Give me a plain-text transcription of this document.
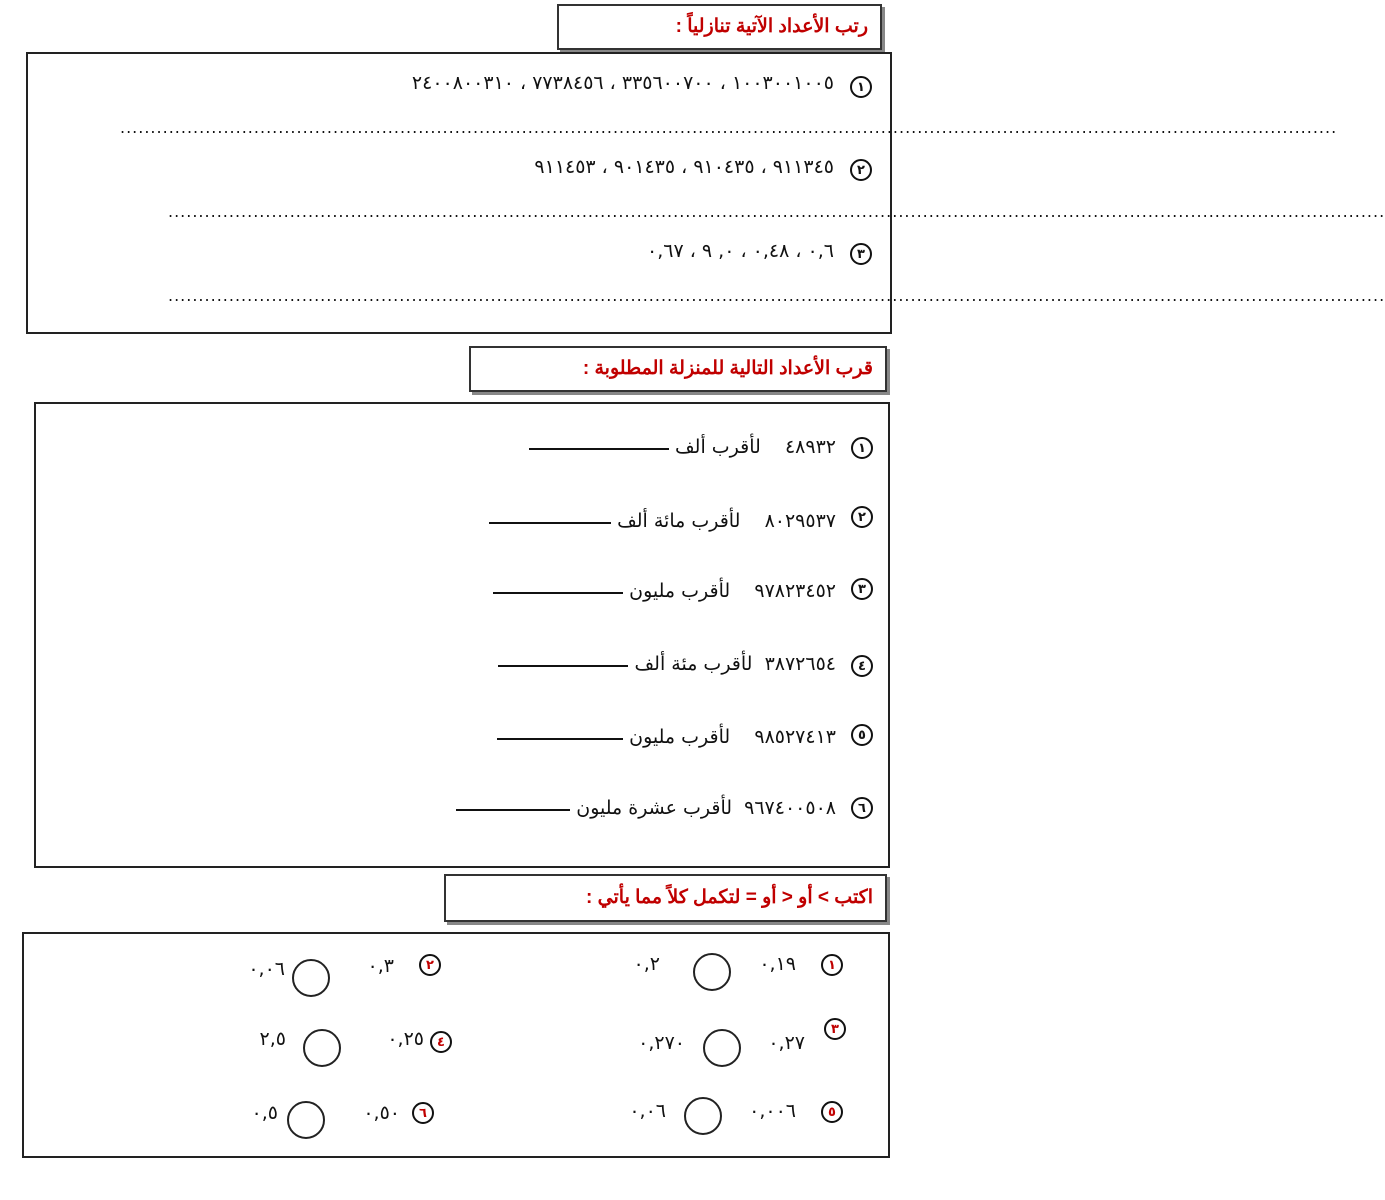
رتب الأعداد الآتية تنازلياً :
١
١٠٠٣٠٠١٠٠٥ ، ٣٣٥٦٠٠٧٠٠ ، ٧٧٣٨٤٥٦ ، ٢٤٠٠٨٠٠٣١٠
........................................................................................................................................................................................................
٢
٩١١٣٤٥ ، ٩١٠٤٣٥ ، ٩٠١٤٣٥ ، ٩١١٤٥٣
........................................................................................................................................................................................................
٣
٠,٦ ، ٠,٤٨ ، ٠, ٩ ، ٠,٦٧
........................................................................................................................................................................................................
قرب الأعداد التالية للمنزلة المطلوبة :
١
٤٨٩٣٢    لأقرب ألف
٢
٨٠٢٩٥٣٧    لأقرب مائة ألف
٣
٩٧٨٢٣٤٥٢    لأقرب مليون
٤
٣٨٧٢٦٥٤  لأقرب مئة ألف
٥
٩٨٥٢٧٤١٣    لأقرب مليون
٦
٩٦٧٤٠٠٥٠٨  لأقرب عشرة مليون
اكتب > أو < أو = لتكمل كلاً مما يأتي :
١
٠,١٩
٠,٢
٣
٠,٢٧
٠,٢٧٠
٥
٠,٠٠٦
٠,٠٦
٢
٠,٣
٠,٠٦
٤
٠,٢٥
٢,٥
٦
٠,٥٠
٠,٥
